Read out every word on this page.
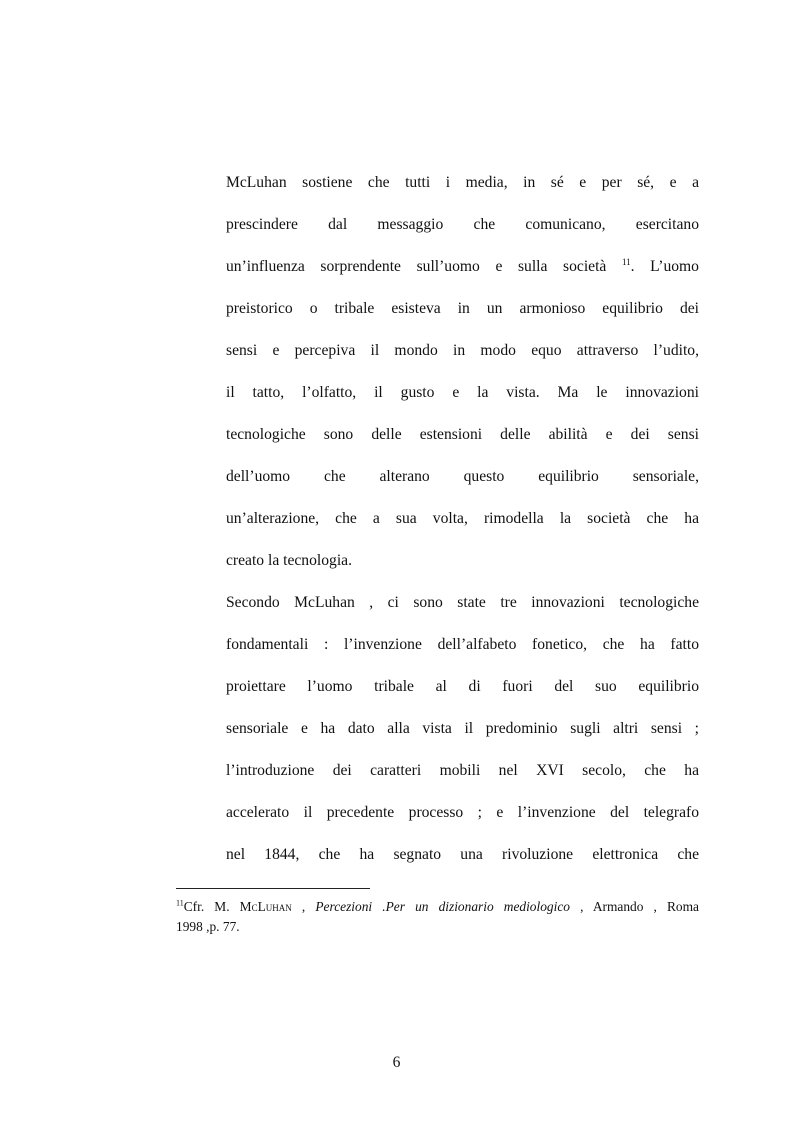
McLuhan sostiene che tutti i media, in sé e per sé, e a
prescindere dal messaggio che comunicano, esercitano
un’influenza sorprendente sull’uomo e sulla società $^{11}$. L’uomo
preistorico o tribale esisteva in un armonioso equilibrio dei
sensi e percepiva il mondo in modo equo attraverso l’udito,
il tatto, l’olfatto, il gusto e la vista. Ma le innovazioni
tecnologiche sono delle estensioni delle abilità e dei sensi
dell’uomo che alterano questo equilibrio sensoriale,
un’alterazione, che a sua volta, rimodella la società che ha
creato la tecnologia.
Secondo McLuhan , ci sono state tre innovazioni tecnologiche
fondamentali : l’invenzione dell’alfabeto fonetico, che ha fatto
proiettare l’uomo tribale al di fuori del suo equilibrio
sensoriale e ha dato alla vista il predominio sugli altri sensi ;
l’introduzione dei caratteri mobili nel XVI secolo, che ha
accelerato il precedente processo ; e l’invenzione del telegrafo
nel 1844, che ha segnato una rivoluzione elettronica che
$^{11}$Cfr. M. McLuhan , Percezioni .Per un dizionario mediologico , Armando , Roma
1998 ,p. 77.
6
